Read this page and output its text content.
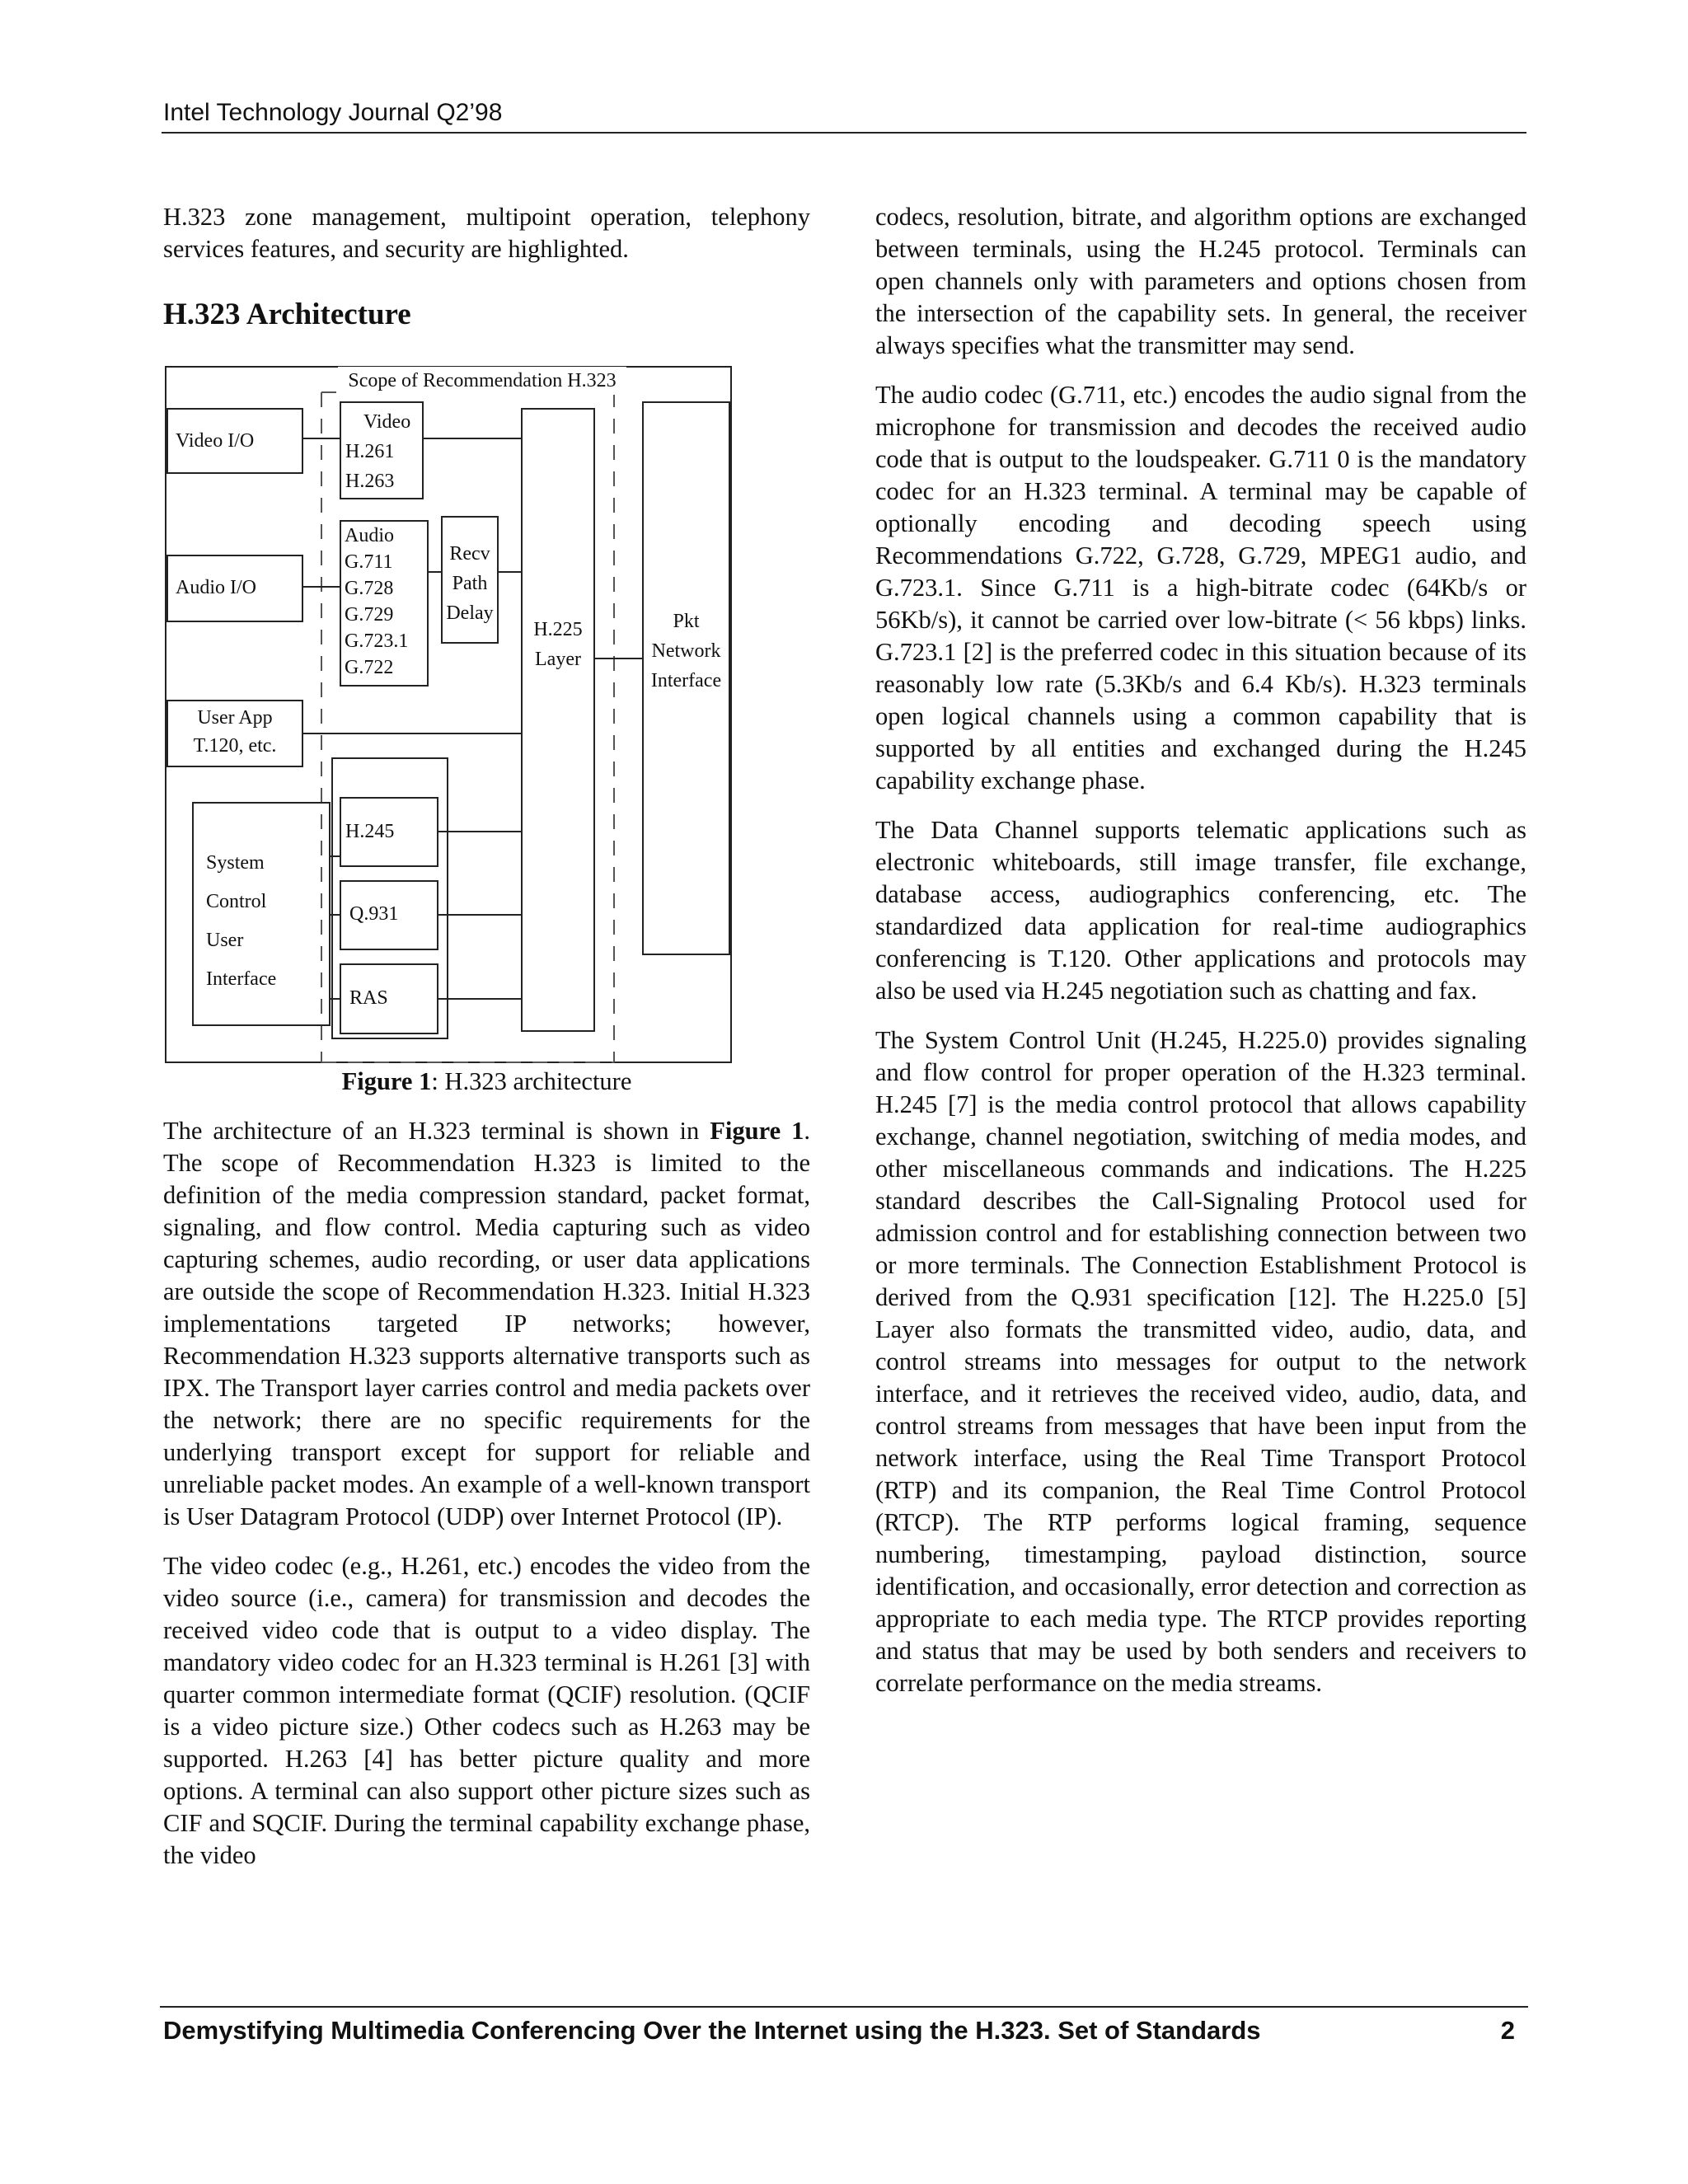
Intel Technology Journal Q2’98

H.323 zone management, multipoint operation, telephony services features, and security are highlighted.

H.323 Architecture
Scope of Recommendation H.323
Video I/O
Audio I/O
User App
T.120, etc.
System
Control
User
Interface
Video
H.261
H.263
Audio
G.711
G.728
G.729
G.723.1
G.722
Recv
Path
Delay
H.225
Layer
Pkt
Network
Interface
H.245
Q.931
RAS

Figure 1: H.323 architecture

The architecture of an H.323 terminal is shown in Figure 1. The scope of Recommendation H.323 is limited to the definition of the media compression standard, packet format, signaling, and flow control. Media capturing such as video capturing schemes, audio recording, or user data applications are outside the scope of Recommendation H.323. Initial H.323 implementations targeted IP networks; however, Recommendation H.323 supports alternative transports such as IPX. The Transport layer carries control and media packets over the network; there are no specific requirements for the underlying transport except for support for reliable and unreliable packet modes. An example of a well-known transport is User Datagram Protocol (UDP) over Internet Protocol (IP).

The video codec (e.g., H.261, etc.) encodes the video from the video source (i.e., camera) for transmission and decodes the received video code that is output to a video display. The mandatory video codec for an H.323 terminal is H.261 [3] with quarter common intermediate format (QCIF) resolution. (QCIF is a video picture size.) Other codecs such as H.263 may be supported. H.263 [4] has better picture quality and more options. A terminal can also support other picture sizes such as CIF and SQCIF. During the terminal capability exchange phase, the video

codecs, resolution, bitrate, and algorithm options are exchanged between terminals, using the H.245 protocol. Terminals can open channels only with parameters and options chosen from the intersection of the capability sets. In general, the receiver always specifies what the transmitter may send.

The audio codec (G.711, etc.) encodes the audio signal from the microphone for transmission and decodes the received audio code that is output to the loudspeaker. G.711 0 is the mandatory codec for an H.323 terminal. A terminal may be capable of optionally encoding and decoding speech using Recommendations G.722, G.728, G.729, MPEG1 audio, and G.723.1. Since G.711 is a high-bitrate codec (64Kb/s or 56Kb/s), it cannot be carried over low-bitrate (< 56 kbps) links. G.723.1 [2] is the preferred codec in this situation because of its reasonably low rate (5.3Kb/s and 6.4 Kb/s). H.323 terminals open logical channels using a common capability that is supported by all entities and exchanged during the H.245 capability exchange phase.

The Data Channel supports telematic applications such as electronic whiteboards, still image transfer, file exchange, database access, audiographics conferencing, etc. The standardized data application for real-time audiographics conferencing is T.120. Other applications and protocols may also be used via H.245 negotiation such as chatting and fax.

The System Control Unit (H.245, H.225.0) provides signaling and flow control for proper operation of the H.323 terminal. H.245 [7] is the media control protocol that allows capability exchange, channel negotiation, switching of media modes, and other miscellaneous commands and indications. The H.225 standard describes the Call-Signaling Protocol used for admission control and for establishing connection between two or more terminals. The Connection Establishment Protocol is derived from the Q.931 specification [12]. The H.225.0 [5] Layer also formats the transmitted video, audio, data, and control streams into messages for output to the network interface, and it retrieves the received video, audio, data, and control streams from messages that have been input from the network interface, using the Real Time Transport Protocol (RTP) and its companion, the Real Time Control Protocol (RTCP). The RTP performs logical framing, sequence numbering, timestamping, payload distinction, source identification, and occasionally, error detection and correction as appropriate to each media type. The RTCP provides reporting and status that may be used by both senders and receivers to correlate performance on the media streams.

Demystifying Multimedia Conferencing Over the Internet using the H.323. Set of Standards	2
